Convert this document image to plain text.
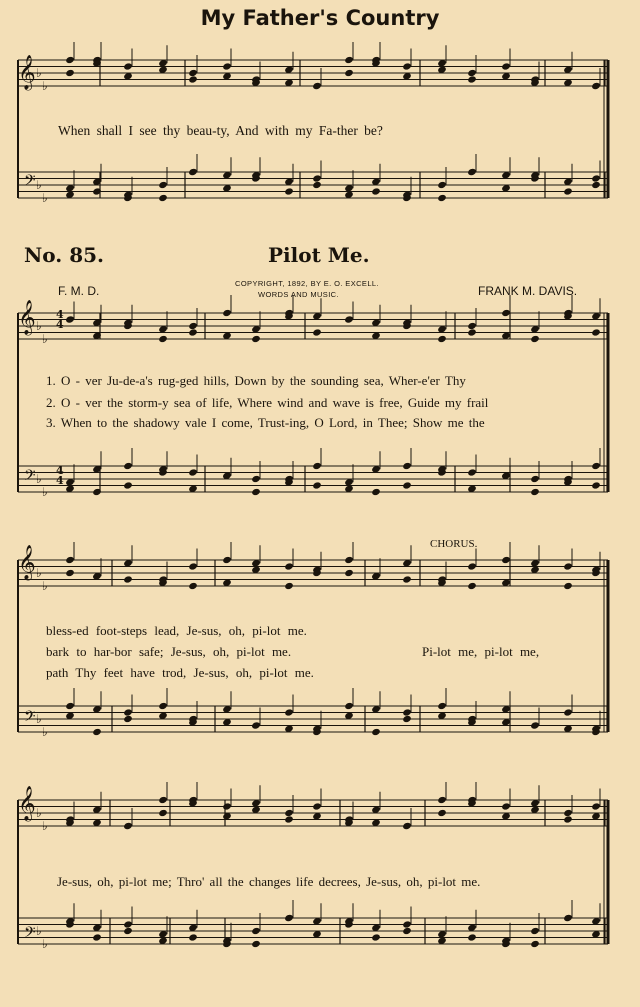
♭
♭
♭
♭
♭
♭
♭
♭
♭
♭
♭
♭
♭
♭
♭
♭
My Father's Country
When shall I see thy beau-ty, And with my Fa-ther be?
No. 85.	Pilot Me.
F. M. D.
COPYRIGHT, 1892, BY E. O. EXCELL.
WORDS AND MUSIC.	FRANK M. DAVIS.
1. O - ver Ju-de-a's rug-ged hills, Down by the sounding sea, Wher-e'er Thy
2. O - ver the storm-y sea of life, Where wind and wave is free, Guide my frail
3. When to the shadowy vale I come, Trust-ing, O Lord, in Thee; Show me the
CHORUS.
bless-ed foot-steps lead, Je-sus, oh, pi-lot me.
bark to har-bor safe; Je-sus, oh, pi-lot me.
path Thy feet have trod, Je-sus, oh, pi-lot me.
Pi-lot me, pi-lot me,
Je-sus, oh, pi-lot me; Thro' all the changes life decrees, Je-sus, oh, pi-lot me.
𝄞
𝄞
𝄞
𝄞
𝄢
𝄢
𝄢
𝄢
4
4
4
4
